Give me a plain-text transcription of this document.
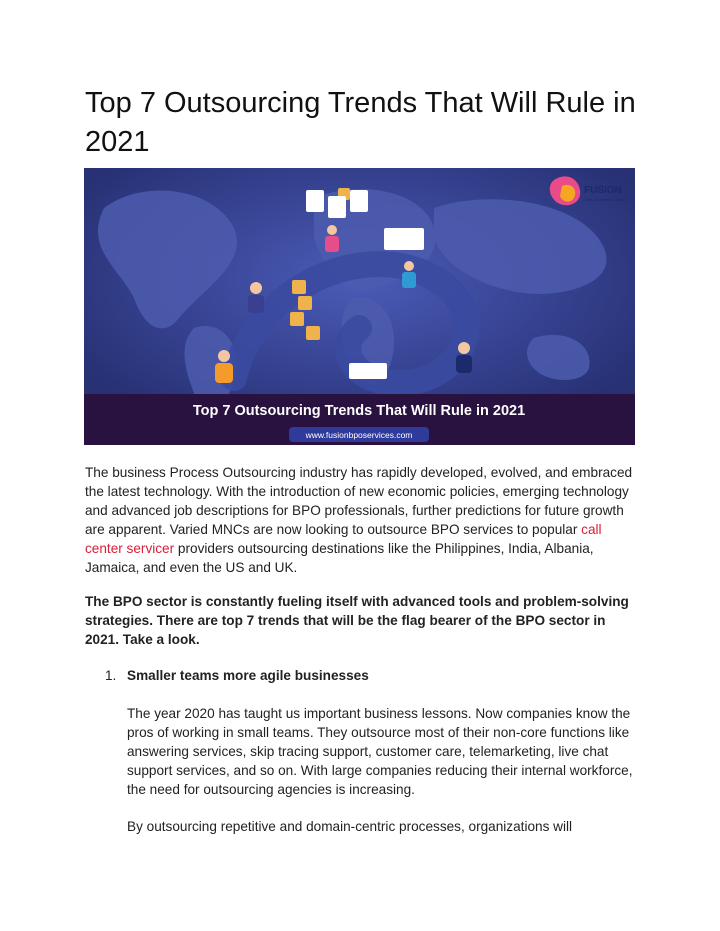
Top 7 Outsourcing Trends That Will Rule in 2021
FUSION
Think of Business Connect
Top 7 Outsourcing Trends That Will Rule in 2021
www.fusionbposervices.com

The business Process Outsourcing industry has rapidly developed, evolved, and embraced the latest technology. With the introduction of new economic policies, emerging technology and advanced job descriptions for BPO professionals, further predictions for future growth are apparent. Varied MNCs are now looking to outsource BPO services to popular call center servicer providers outsourcing destinations like the Philippines, India, Albania, Jamaica, and even the US and UK.

The BPO sector is constantly fueling itself with advanced tools and problem-solving strategies. There are top 7 trends that will be the flag bearer of the BPO sector in 2021. Take a look.

1. Smaller teams more agile businesses

The year 2020 has taught us important business lessons. Now companies know the pros of working in small teams. They outsource most of their non-core functions like answering services, skip tracing support, customer care, telemarketing, live chat support services, and so on. With large companies reducing their internal workforce, the need for outsourcing agencies is increasing.

By outsourcing repetitive and domain-centric processes, organizations will
